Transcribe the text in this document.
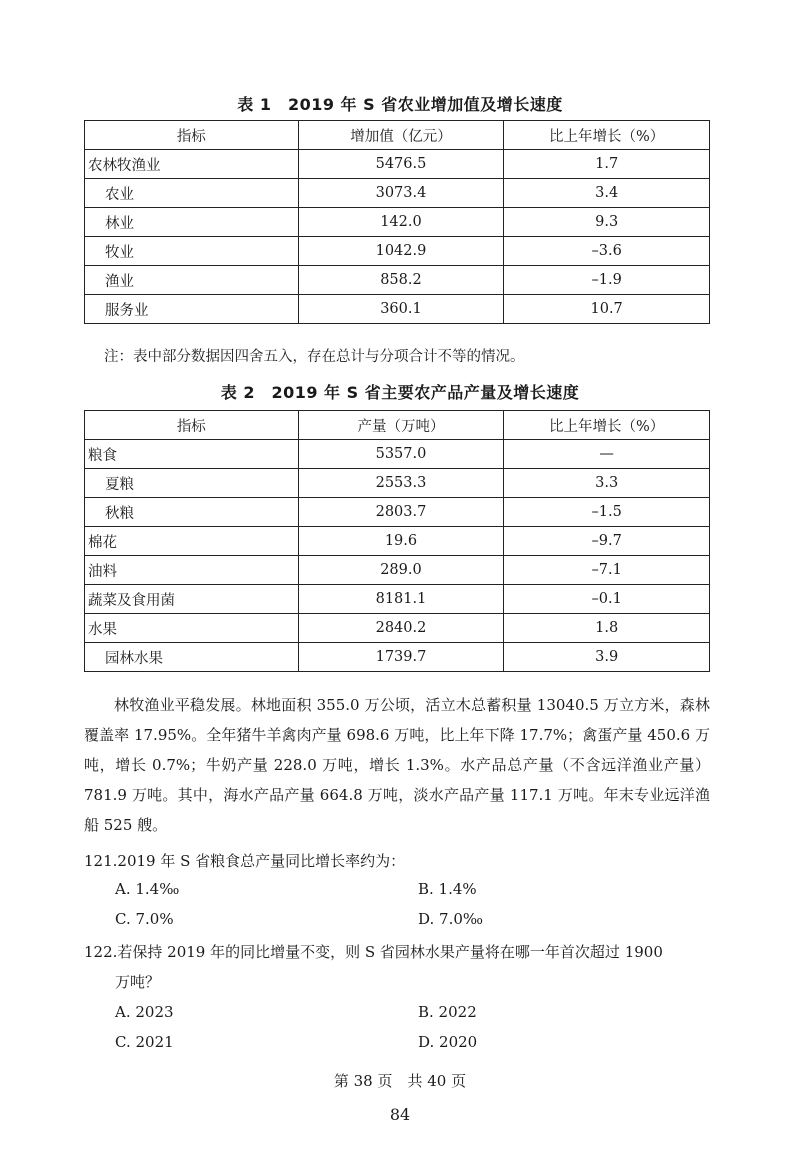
表 1　2019 年 S 省农业增加值及增长速度
指标	增加值（亿元）	比上年增长（%）
农林牧渔业	5476.5	1.7
农业	3073.4	3.4
林业	142.0	9.3
牧业	1042.9	–3.6
渔业	858.2	–1.9
服务业	360.1	10.7
注：表中部分数据因四舍五入，存在总计与分项合计不等的情况。
表 2　2019 年 S 省主要农产品产量及增长速度
指标	产量（万吨）	比上年增长（%）
粮食	5357.0	—
夏粮	2553.3	3.3
秋粮	2803.7	–1.5
棉花	19.6	–9.7
油料	289.0	–7.1
蔬菜及食用菌	8181.1	–0.1
水果	2840.2	1.8
园林水果	1739.7	3.9
林牧渔业平稳发展。林地面积 355.0 万公顷，活立木总蓄积量 13040.5 万立方米，森林覆盖率 17.95%。全年猪牛羊禽肉产量 698.6 万吨，比上年下降 17.7%；禽蛋产量 450.6 万吨，增长 0.7%；牛奶产量 228.0 万吨，增长 1.3%。水产品总产量（不含远洋渔业产量）781.9 万吨。其中，海水产品产量 664.8 万吨，淡水产品产量 117.1 万吨。年末专业远洋渔船 525 艘。
121.2019 年 S 省粮食总产量同比增长率约为：
A. 1.4‰	B. 1.4%
C. 7.0%	D. 7.0‰
122.若保持 2019 年的同比增量不变，则 S 省园林水果产量将在哪一年首次超过 1900
万吨？
A. 2023	B. 2022
C. 2021	D. 2020
第 38 页　共 40 页
84
